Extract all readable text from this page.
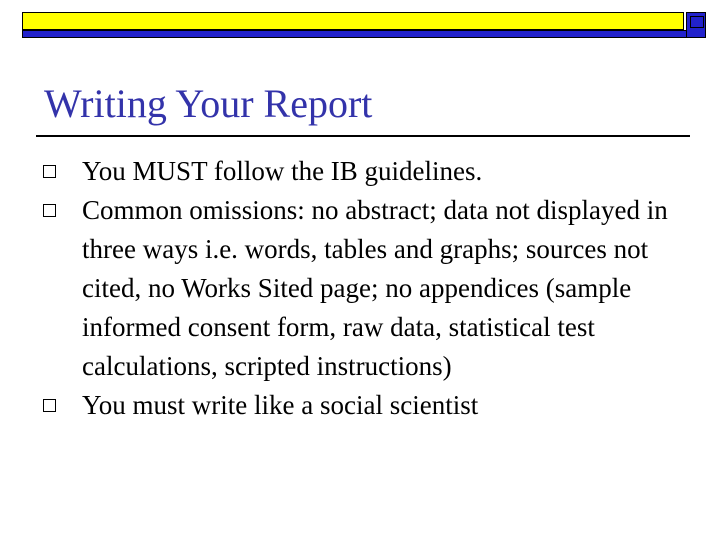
Writing Your Report
You MUST follow the IB guidelines.
Common omissions: no abstract; data not displayed in three ways i.e. words, tables and graphs; sources not cited, no Works Sited page; no appendices (sample informed consent form, raw data, statistical test calculations, scripted instructions)
You must write like a social scientist
